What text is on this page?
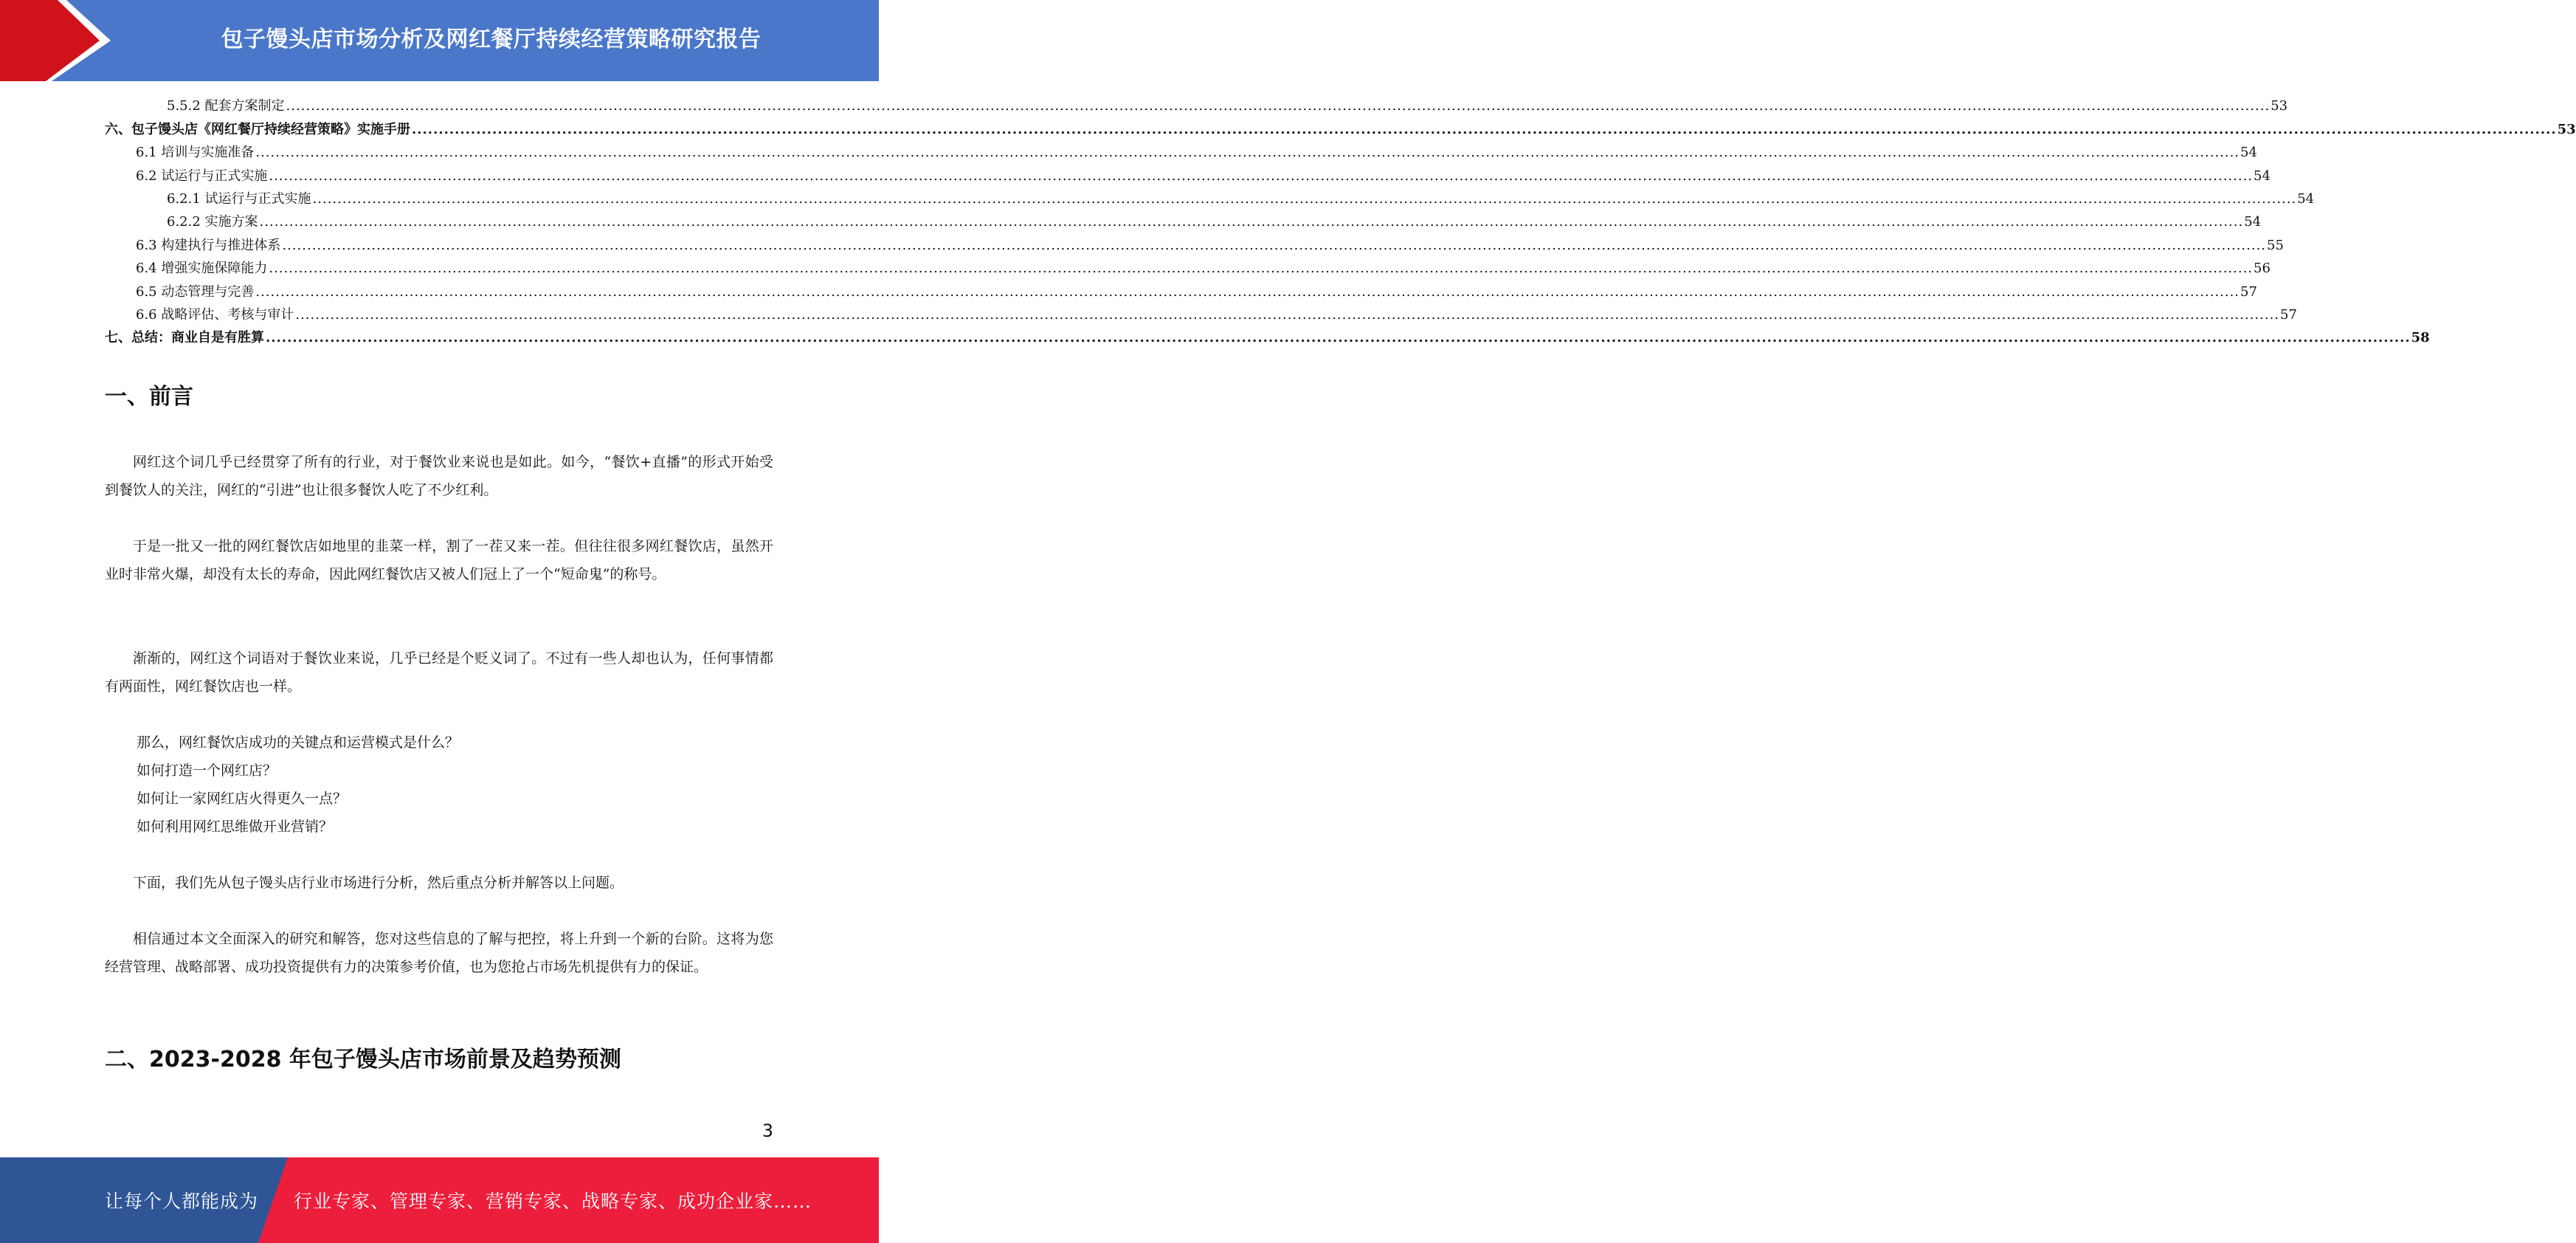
包子馒头店市场分析及网红餐厅持续经营策略研究报告
5.5.2 配套方案制定 ................................................................................................................................................................................................................................................................................................................................................................................................................ 53
六、包子馒头店《网红餐厅持续经营策略》实施手册 ................................................................................................................................................................................................................................................................................................................................................................................................................ 53
6.1 培训与实施准备 ................................................................................................................................................................................................................................................................................................................................................................................................................ 54
6.2 试运行与正式实施 ................................................................................................................................................................................................................................................................................................................................................................................................................ 54
6.2.1 试运行与正式实施 ................................................................................................................................................................................................................................................................................................................................................................................................................ 54
6.2.2 实施方案 ................................................................................................................................................................................................................................................................................................................................................................................................................ 54
6.3 构建执行与推进体系 ................................................................................................................................................................................................................................................................................................................................................................................................................ 55
6.4 增强实施保障能力 ................................................................................................................................................................................................................................................................................................................................................................................................................ 56
6.5 动态管理与完善 ................................................................................................................................................................................................................................................................................................................................................................................................................ 57
6.6 战略评估、考核与审计 ................................................................................................................................................................................................................................................................................................................................................................................................................ 57
七、总结：商业自是有胜算 ................................................................................................................................................................................................................................................................................................................................................................................................................ 58
一、前言
网红这个词几乎已经贯穿了所有的行业，对于餐饮业来说也是如此。如今，“餐饮+直播”的形式开始受到餐饮人的关注，网红的“引进”也让很多餐饮人吃了不少红利。
于是一批又一批的网红餐饮店如地里的韭菜一样，割了一茬又来一茬。但往往很多网红餐饮店，虽然开业时非常火爆，却没有太长的寿命，因此网红餐饮店又被人们冠上了一个“短命鬼”的称号。
渐渐的，网红这个词语对于餐饮业来说，几乎已经是个贬义词了。不过有一些人却也认为，任何事情都有两面性，网红餐饮店也一样。
那么，网红餐饮店成功的关键点和运营模式是什么？
如何打造一个网红店？
如何让一家网红店火得更久一点？
如何利用网红思维做开业营销？
下面，我们先从包子馒头店行业市场进行分析，然后重点分析并解答以上问题。
相信通过本文全面深入的研究和解答，您对这些信息的了解与把控，将上升到一个新的台阶。这将为您经营管理、战略部署、成功投资提供有力的决策参考价值，也为您抢占市场先机提供有力的保证。
二、2023-2028 年包子馒头店市场前景及趋势预测
3
让每个人都能成为 行业专家、管理专家、营销专家、战略专家、成功企业家……
